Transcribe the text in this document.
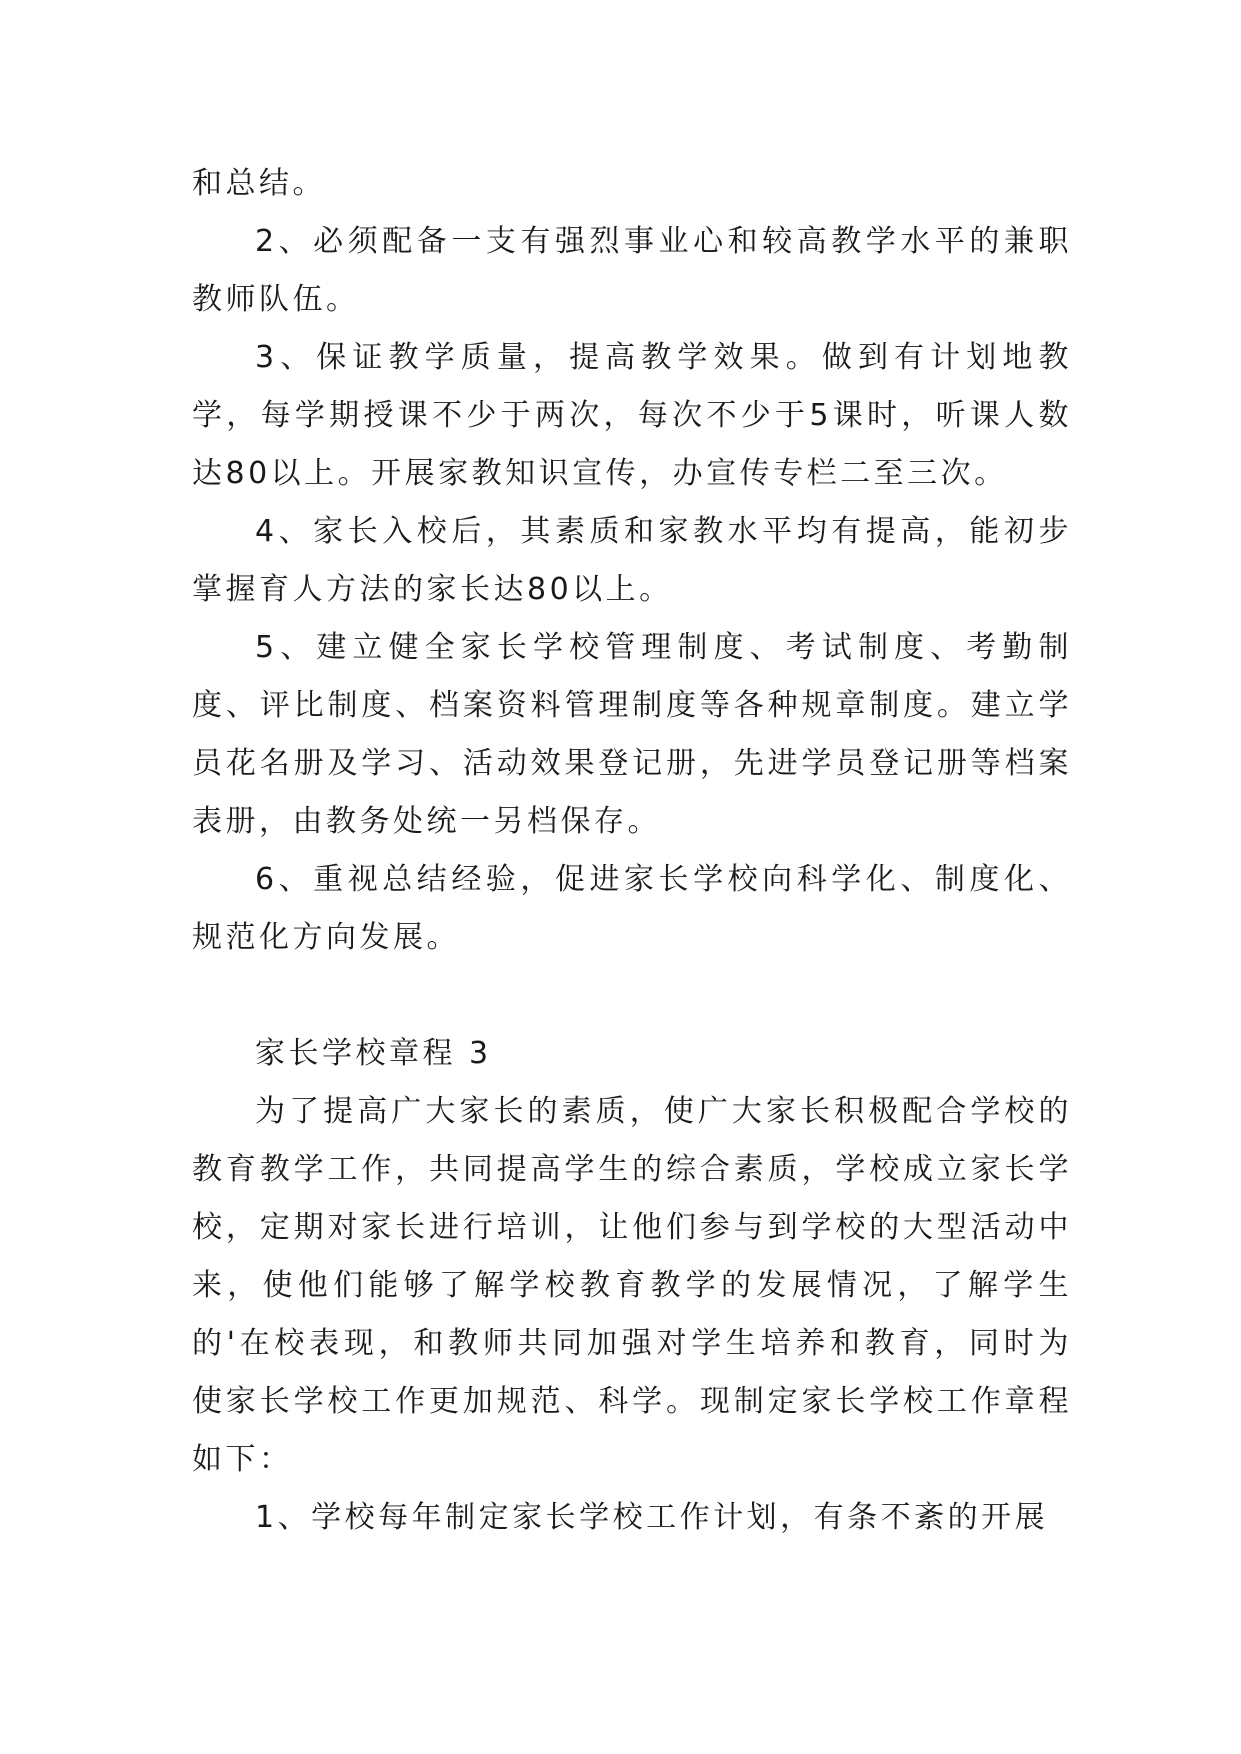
和总结。

2、必须配备一支有强烈事业心和较高教学水平的兼职教师队伍。

3、保证教学质量，提高教学效果。做到有计划地教学，每学期授课不少于两次，每次不少于5课时，听课人数达80以上。开展家教知识宣传，办宣传专栏二至三次。

4、家长入校后，其素质和家教水平均有提高，能初步掌握育人方法的家长达80以上。

5、建立健全家长学校管理制度、考试制度、考勤制度、评比制度、档案资料管理制度等各种规章制度。建立学员花名册及学习、活动效果登记册，先进学员登记册等档案表册，由教务处统一另档保存。

6、重视总结经验，促进家长学校向科学化、制度化、规范化方向发展。

家长学校章程 3

为了提高广大家长的素质，使广大家长积极配合学校的教育教学工作，共同提高学生的综合素质，学校成立家长学校，定期对家长进行培训，让他们参与到学校的大型活动中来，使他们能够了解学校教育教学的发展情况，了解学生的'在校表现，和教师共同加强对学生培养和教育，同时为使家长学校工作更加规范、科学。现制定家长学校工作章程如下：

1、学校每年制定家长学校工作计划，有条不紊的开展
